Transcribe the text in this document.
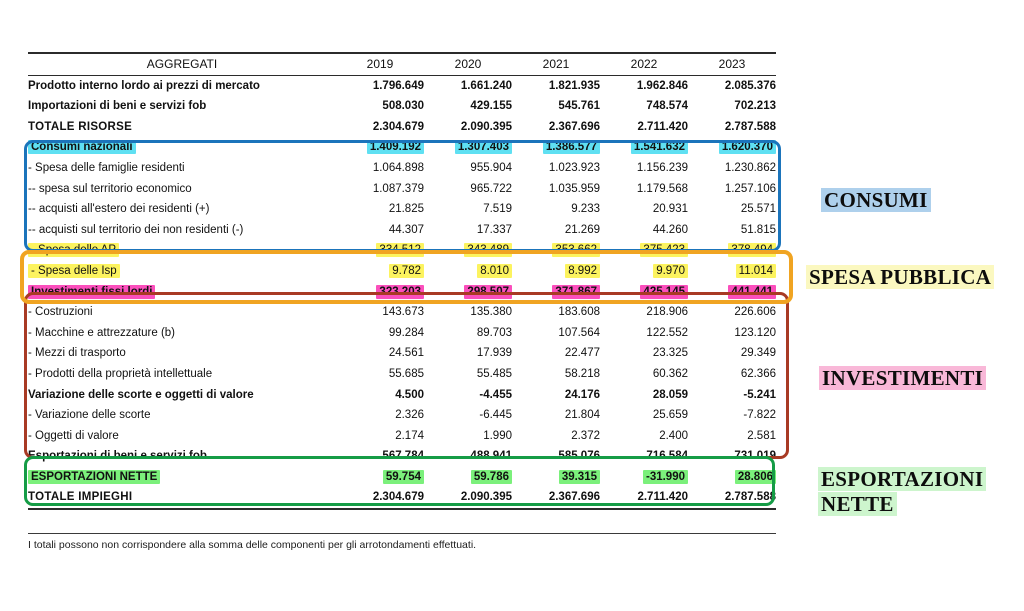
AGGREGATI	2019	2020	2021	2022	2023
Prodotto interno lordo ai prezzi di mercato	1.796.649	1.661.240	1.821.935	1.962.846	2.085.376
Importazioni di beni e servizi fob	508.030	429.155	545.761	748.574	702.213
TOTALE RISORSE	2.304.679	2.090.395	2.367.696	2.711.420	2.787.588
Consumi nazionali	1.409.192	1.307.403	1.386.577	1.541.632	1.620.370
- Spesa delle famiglie residenti	1.064.898	955.904	1.023.923	1.156.239	1.230.862
-- spesa sul territorio economico	1.087.379	965.722	1.035.959	1.179.568	1.257.106
-- acquisti all'estero dei residenti (+)	21.825	7.519	9.233	20.931	25.571
-- acquisti sul territorio dei non residenti (-)	44.307	17.337	21.269	44.260	51.815
- Spesa delle AP	334.512	343.489	353.662	375.423	378.494
- Spesa delle Isp	9.782	8.010	8.992	9.970	11.014
Investimenti fissi lordi	323.203	298.507	371.867	425.145	441.441
- Costruzioni	143.673	135.380	183.608	218.906	226.606
- Macchine e attrezzature (b)	99.284	89.703	107.564	122.552	123.120
- Mezzi di trasporto	24.561	17.939	22.477	23.325	29.349
- Prodotti della proprietà intellettuale	55.685	55.485	58.218	60.362	62.366
Variazione delle scorte e oggetti di valore	4.500	-4.455	24.176	28.059	-5.241
- Variazione delle scorte	2.326	-6.445	21.804	25.659	-7.822
- Oggetti di valore	2.174	1.990	2.372	2.400	2.581
Esportazioni di beni e servizi fob	567.784	488.941	585.076	716.584	731.019
ESPORTAZIONI NETTE	59.754	59.786	39.315	-31.990	28.806
TOTALE IMPIEGHI	2.304.679	2.090.395	2.367.696	2.711.420	2.787.588
I totali possono non corrispondere alla somma delle componenti per gli arrotondamenti effettuati.
CONSUMI
SPESA PUBBLICA
INVESTIMENTI
ESPORTAZIONI
NETTE
